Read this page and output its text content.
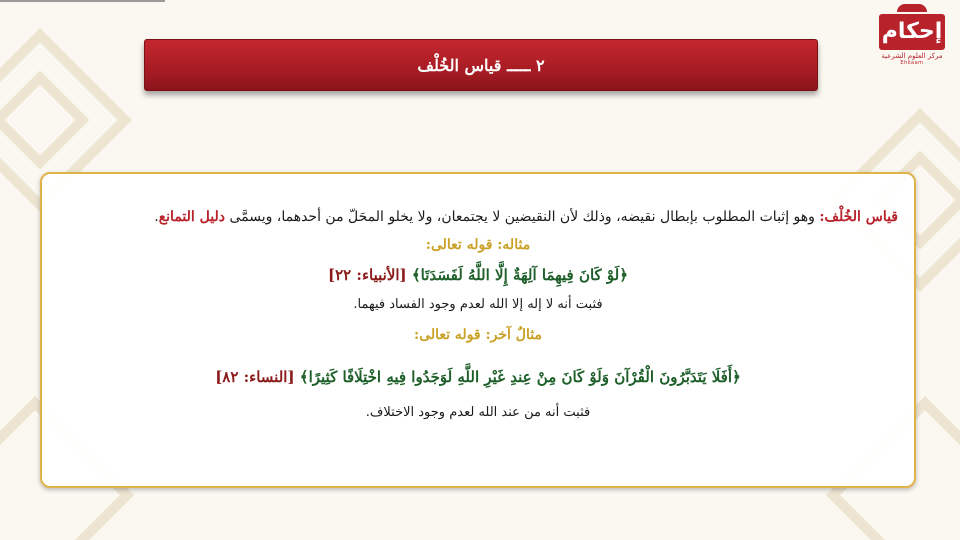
إحكام
مركز العلوم الشرعية
Ehkaam
٢ ـــــ قياس الخُلْف

قياس الخُلْف: وهو إثبات المطلوب بإبطال نقيضه، وذلك لأن النقيضين لا يجتمعان، ولا يخلو المحَلّ من أحدهما، ويسمَّى دليل التمانع.

مثاله: قوله تعالى:

﴿لَوْ كَانَ فِيهِمَا آلِهَةٌ إِلَّا اللَّهُ لَفَسَدَتَا﴾ [الأنبياء: ٢٢]

فثبت أنه لا إله إلا الله لعدم وجود الفساد فيهما.

مثالٌ آخر: قوله تعالى:

﴿أَفَلَا يَتَدَبَّرُونَ الْقُرْآنَ وَلَوْ كَانَ مِنْ عِندِ غَيْرِ اللَّهِ لَوَجَدُوا فِيهِ اخْتِلَافًا كَثِيرًا﴾ [النساء: ٨٢]

فثبت أنه من عند الله لعدم وجود الاختلاف.
